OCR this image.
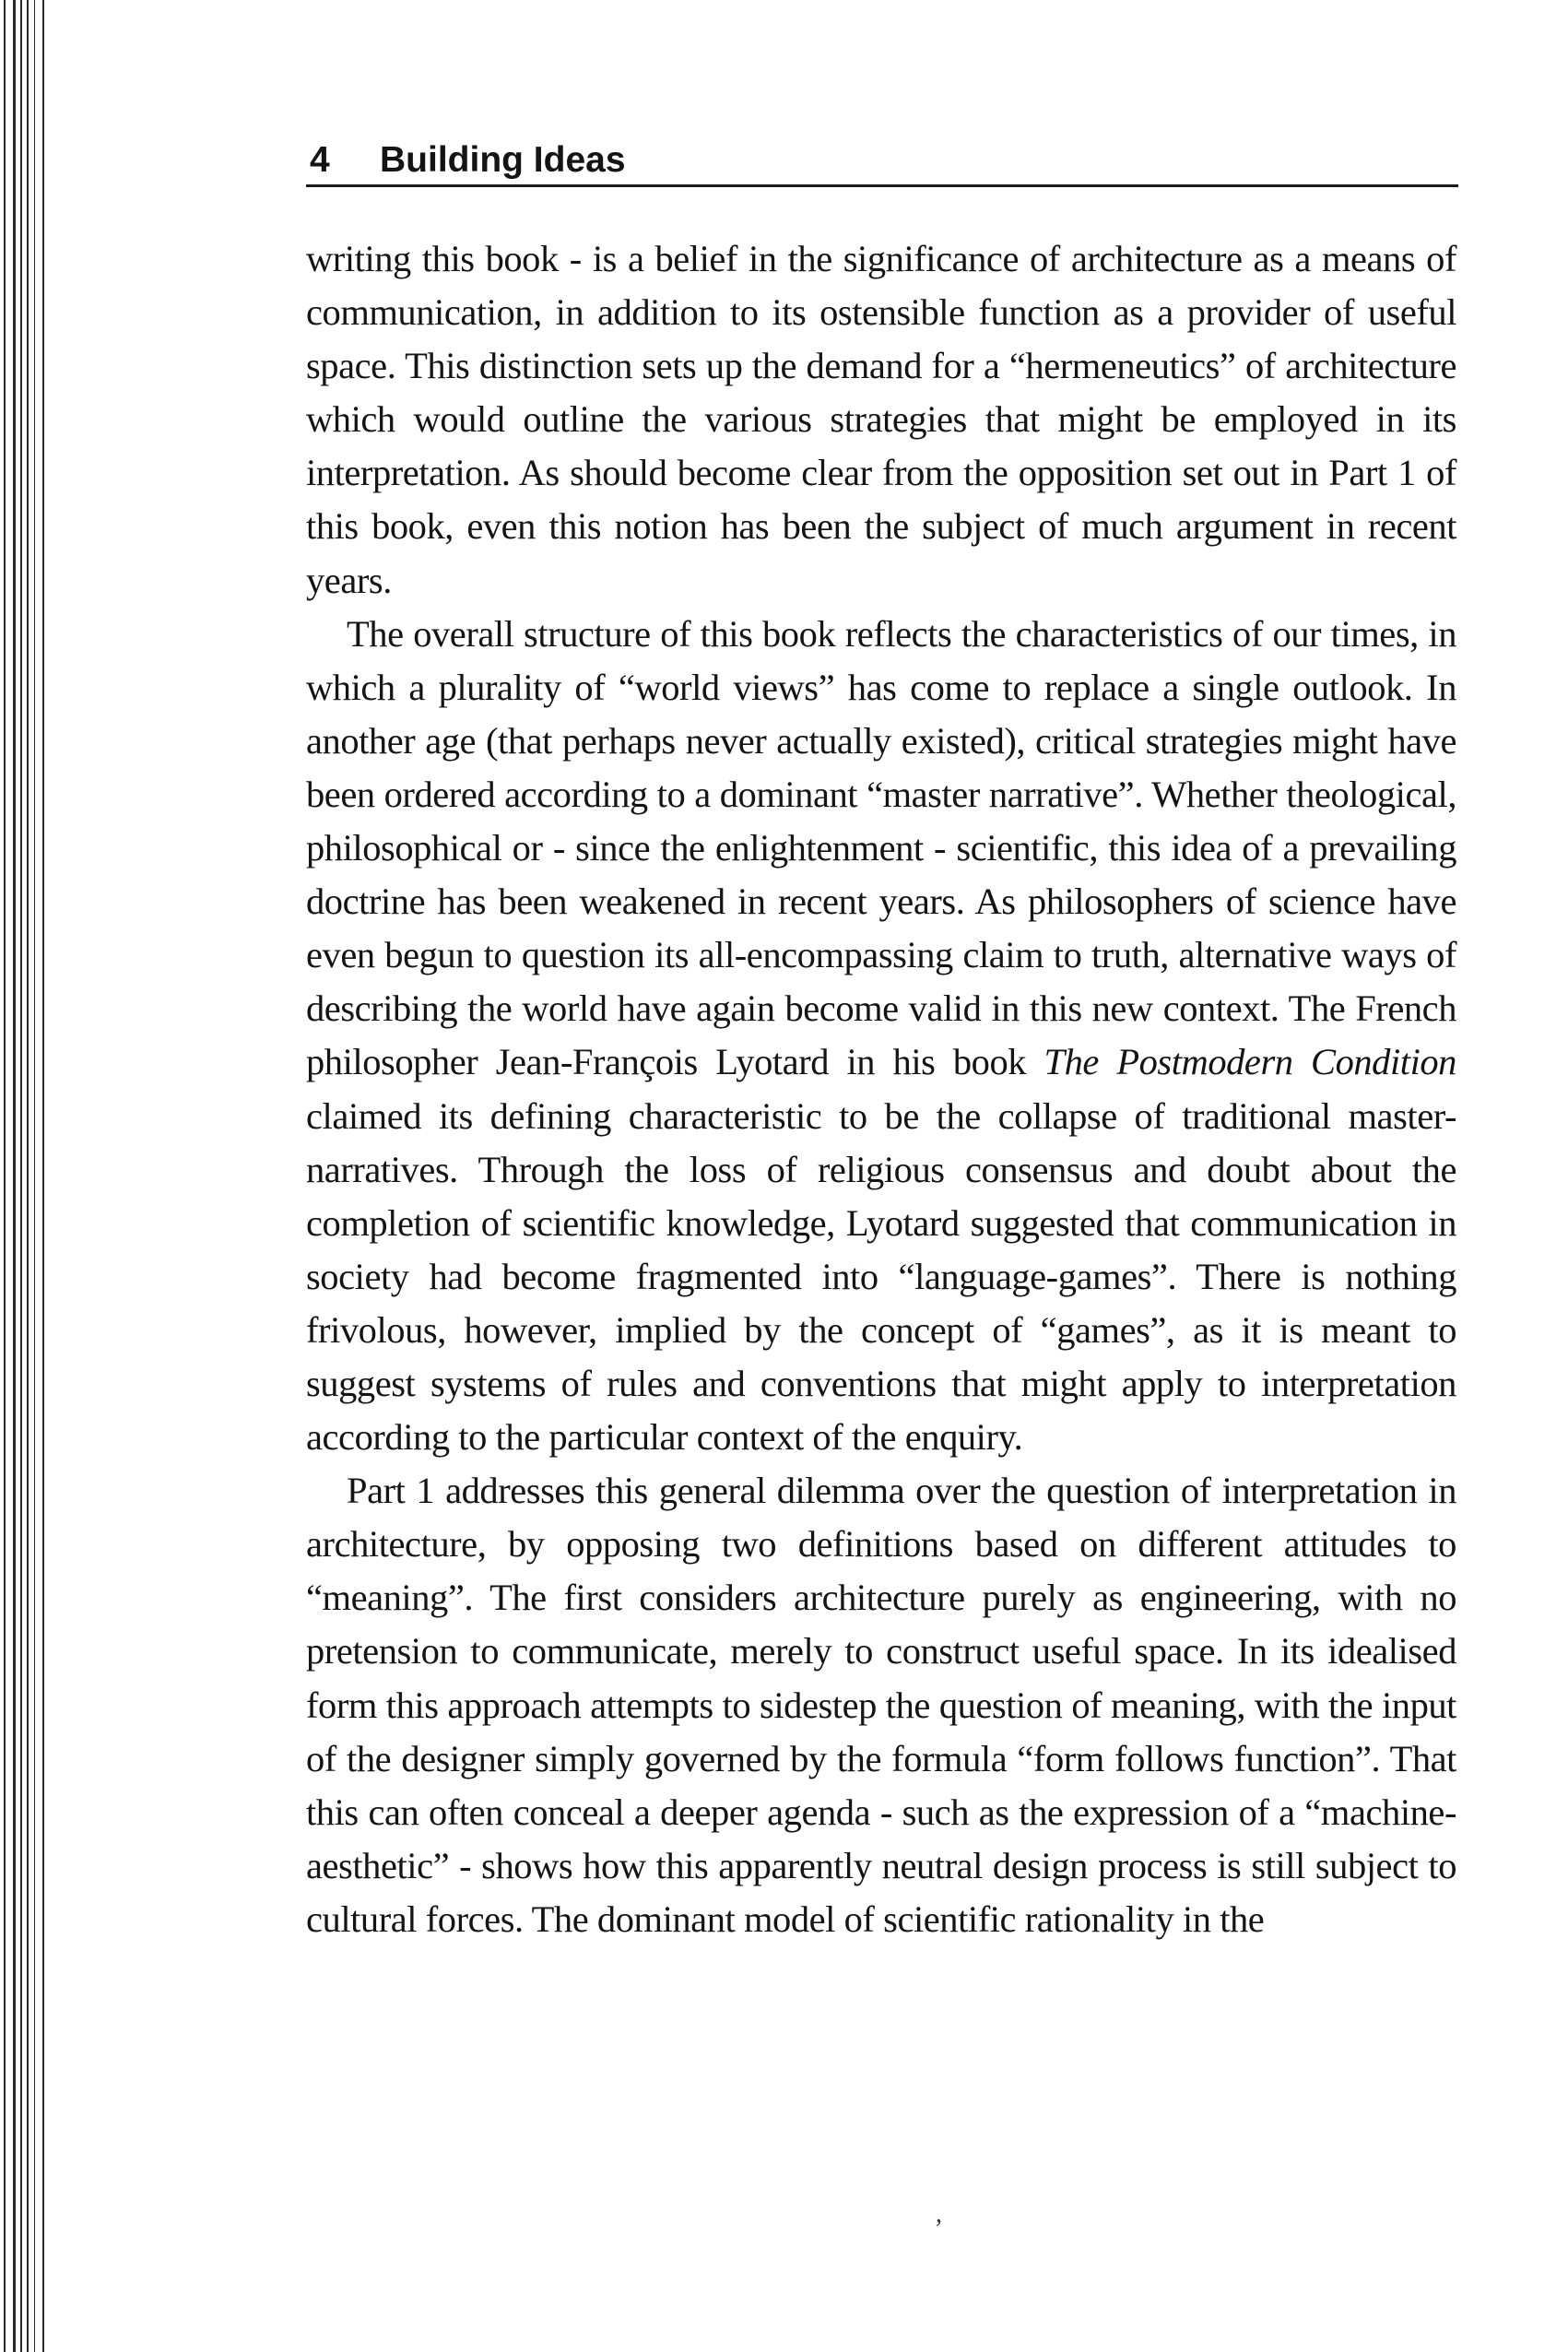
4 Building Ideas

writing this book - is a belief in the significance of architecture as a means of communication, in addition to its ostensible function as a provider of useful space. This distinction sets up the demand for a “hermeneutics” of architecture which would outline the various strategies that might be employed in its interpretation. As should become clear from the opposition set out in Part 1 of this book, even this notion has been the subject of much argument in recent years.

The overall structure of this book reflects the characteristics of our times, in which a plurality of “world views” has come to replace a single outlook. In another age (that perhaps never actually existed), critical strategies might have been ordered according to a dominant “master narrative”. Whether theological, philosophical or - since the enlightenment - scientific, this idea of a prevailing doctrine has been weakened in recent years. As philosophers of science have even begun to question its all-encompassing claim to truth, alternative ways of describing the world have again become valid in this new context. The French philosopher Jean-François Lyotard in his book The Postmodern Condition claimed its defining characteristic to be the collapse of traditional master-narratives. Through the loss of religious consensus and doubt about the completion of scientific knowledge, Lyotard suggested that communication in society had become fragmented into “language-games”. There is nothing frivolous, however, implied by the concept of “games”, as it is meant to suggest systems of rules and conventions that might apply to interpretation according to the particular context of the enquiry.

Part 1 addresses this general dilemma over the question of interpretation in architecture, by opposing two definitions based on different attitudes to “meaning”. The first considers architecture purely as engineering, with no pretension to communicate, merely to construct useful space. In its idealised form this approach attempts to sidestep the question of meaning, with the input of the designer simply governed by the formula “form follows function”. That this can often conceal a deeper agenda - such as the expression of a “machine-aesthetic” - shows how this apparently neutral design process is still subject to cultural forces. The dominant model of scientific rationality in the

,
